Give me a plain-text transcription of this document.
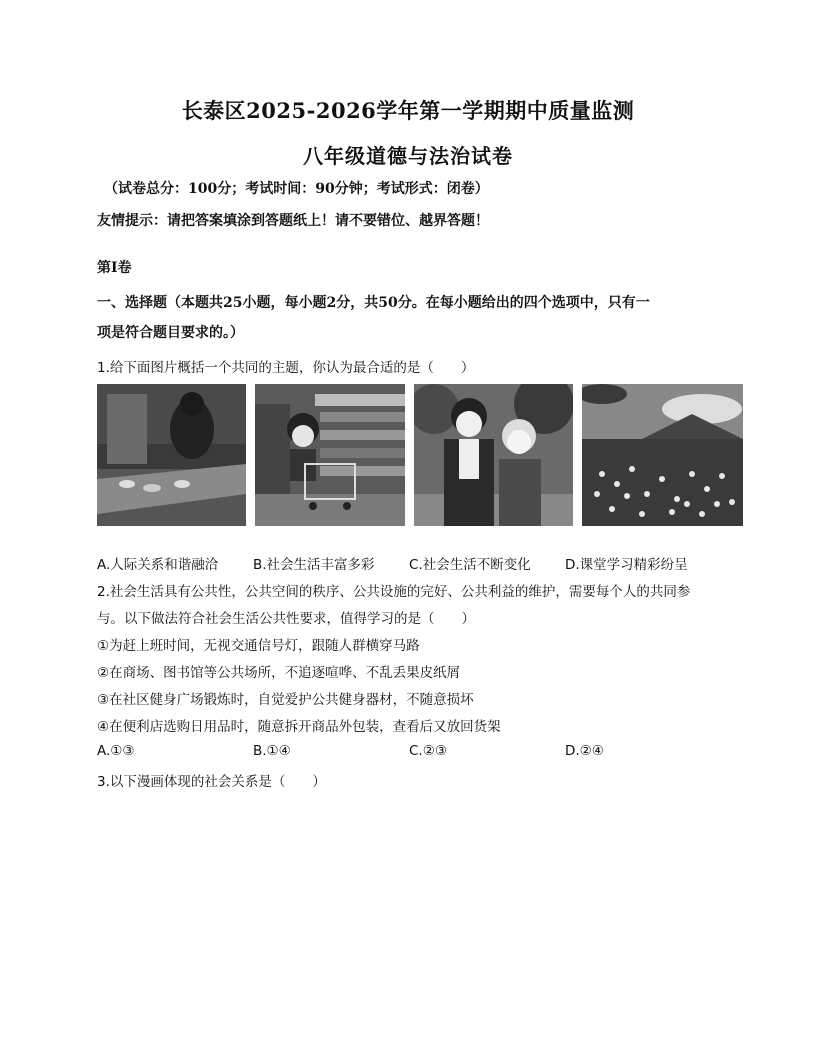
长泰区2025-2026学年第一学期期中质量监测
八年级道德与法治试卷
（试卷总分：100分；考试时间：90分钟；考试形式：闭卷）
友情提示：请把答案填涂到答题纸上！请不要错位、越界答题！
第Ⅰ卷
一、选择题（本题共25小题，每小题2分，共50分。在每小题给出的四个选项中，只有一
项是符合题目要求的。）
1.给下面图片概括一个共同的主题，你认为最合适的是（　　）
A.人际关系和谐融洽	B.社会生活丰富多彩	C.社会生活不断变化	D.课堂学习精彩纷呈
2.社会生活具有公共性，公共空间的秩序、公共设施的完好、公共利益的维护，需要每个人的共同参
与。以下做法符合社会生活公共性要求，值得学习的是（　　）
①为赶上班时间，无视交通信号灯，跟随人群横穿马路
②在商场、图书馆等公共场所，不追逐喧哗、不乱丢果皮纸屑
③在社区健身广场锻炼时，自觉爱护公共健身器材，不随意损坏
④在便利店选购日用品时，随意拆开商品外包装，查看后又放回货架
A.①③	B.①④	C.②③	D.②④
3.以下漫画体现的社会关系是（　　）
